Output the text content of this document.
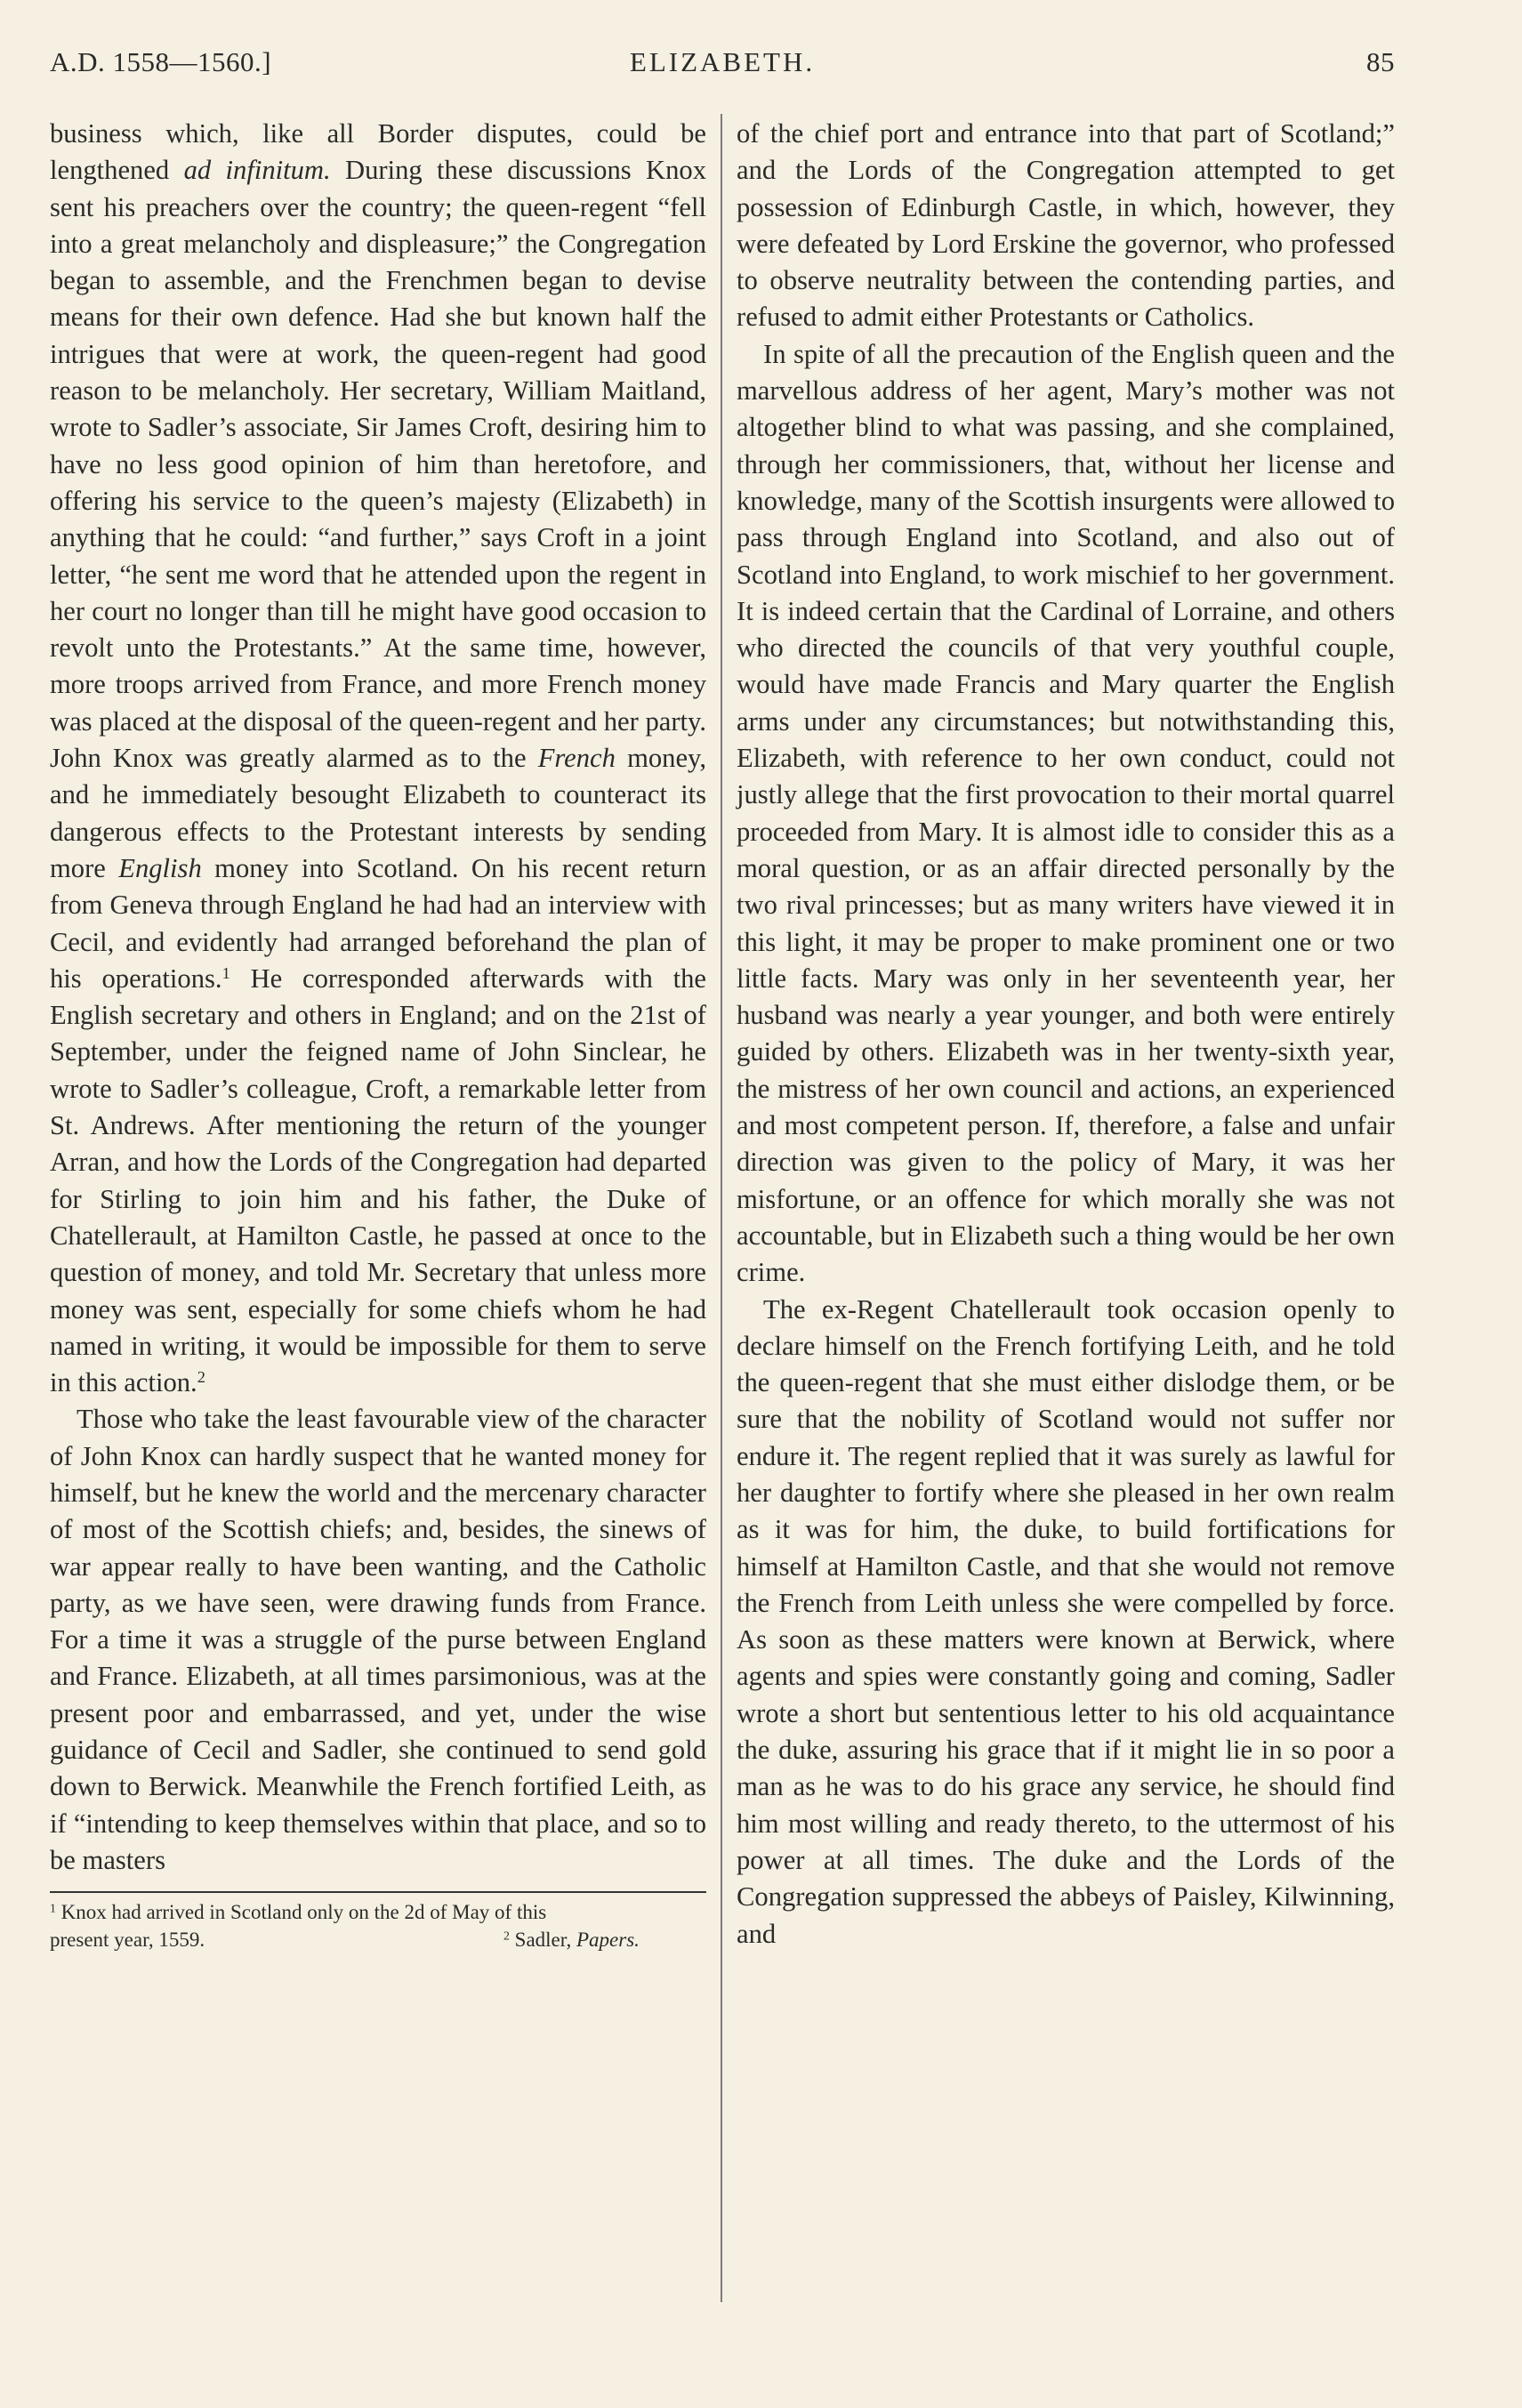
A.D. 1558—1560.]	ELIZABETH.	85

business which, like all Border disputes, could be lengthened ad infinitum. During these discussions Knox sent his preachers over the country; the queen-regent “fell into a great melancholy and displeasure;” the Congregation began to assemble, and the Frenchmen began to devise means for their own defence. Had she but known half the intrigues that were at work, the queen-regent had good reason to be melancholy. Her secretary, William Maitland, wrote to Sadler’s associate, Sir James Croft, desiring him to have no less good opinion of him than heretofore, and offering his service to the queen’s majesty (Elizabeth) in anything that he could: “and further,” says Croft in a joint letter, “he sent me word that he attended upon the regent in her court no longer than till he might have good occasion to revolt unto the Protestants.” At the same time, however, more troops arrived from France, and more French money was placed at the disposal of the queen-regent and her party. John Knox was greatly alarmed as to the French money, and he immediately besought Elizabeth to counteract its dangerous effects to the Protestant interests by sending more English money into Scotland. On his recent return from Geneva through England he had had an interview with Cecil, and evidently had arranged beforehand the plan of his operations.$^1$ He corresponded afterwards with the English secretary and others in England; and on the 21st of September, under the feigned name of John Sinclear, he wrote to Sadler’s colleague, Croft, a remarkable letter from St. Andrews. After mentioning the return of the younger Arran, and how the Lords of the Congregation had departed for Stirling to join him and his father, the Duke of Chatellerault, at Hamilton Castle, he passed at once to the question of money, and told Mr. Secretary that unless more money was sent, especially for some chiefs whom he had named in writing, it would be impossible for them to serve in this action.$^2$

Those who take the least favourable view of the character of John Knox can hardly suspect that he wanted money for himself, but he knew the world and the mercenary character of most of the Scottish chiefs; and, besides, the sinews of war appear really to have been wanting, and the Catholic party, as we have seen, were drawing funds from France. For a time it was a struggle of the purse between England and France. Elizabeth, at all times parsimonious, was at the present poor and embarrassed, and yet, under the wise guidance of Cecil and Sadler, she continued to send gold down to Berwick. Meanwhile the French fortified Leith, as if “intending to keep themselves within that place, and so to be masters

of the chief port and entrance into that part of Scotland;” and the Lords of the Congregation attempted to get possession of Edinburgh Castle, in which, however, they were defeated by Lord Erskine the governor, who professed to observe neutrality between the contending parties, and refused to admit either Protestants or Catholics.

In spite of all the precaution of the English queen and the marvellous address of her agent, Mary’s mother was not altogether blind to what was passing, and she complained, through her commissioners, that, without her license and knowledge, many of the Scottish insurgents were allowed to pass through England into Scotland, and also out of Scotland into England, to work mischief to her government. It is indeed certain that the Cardinal of Lorraine, and others who directed the councils of that very youthful couple, would have made Francis and Mary quarter the English arms under any circumstances; but notwithstanding this, Elizabeth, with reference to her own conduct, could not justly allege that the first provocation to their mortal quarrel proceeded from Mary. It is almost idle to consider this as a moral question, or as an affair directed personally by the two rival princesses; but as many writers have viewed it in this light, it may be proper to make prominent one or two little facts. Mary was only in her seventeenth year, her husband was nearly a year younger, and both were entirely guided by others. Elizabeth was in her twenty-sixth year, the mistress of her own council and actions, an experienced and most competent person. If, therefore, a false and unfair direction was given to the policy of Mary, it was her misfortune, or an offence for which morally she was not accountable, but in Elizabeth such a thing would be her own crime.

The ex-Regent Chatellerault took occasion openly to declare himself on the French fortifying Leith, and he told the queen-regent that she must either dislodge them, or be sure that the nobility of Scotland would not suffer nor endure it. The regent replied that it was surely as lawful for her daughter to fortify where she pleased in her own realm as it was for him, the duke, to build fortifications for himself at Hamilton Castle, and that she would not remove the French from Leith unless she were compelled by force. As soon as these matters were known at Berwick, where agents and spies were constantly going and coming, Sadler wrote a short but sententious letter to his old acquaintance the duke, assuring his grace that if it might lie in so poor a man as he was to do his grace any service, he should find him most willing and ready thereto, to the uttermost of his power at all times. The duke and the Lords of the Congregation suppressed the abbeys of Paisley, Kilwinning, and

$^1$ Knox had arrived in Scotland only on the 2d of May of this
present year, 1559.	$^2$ Sadler, Papers.
